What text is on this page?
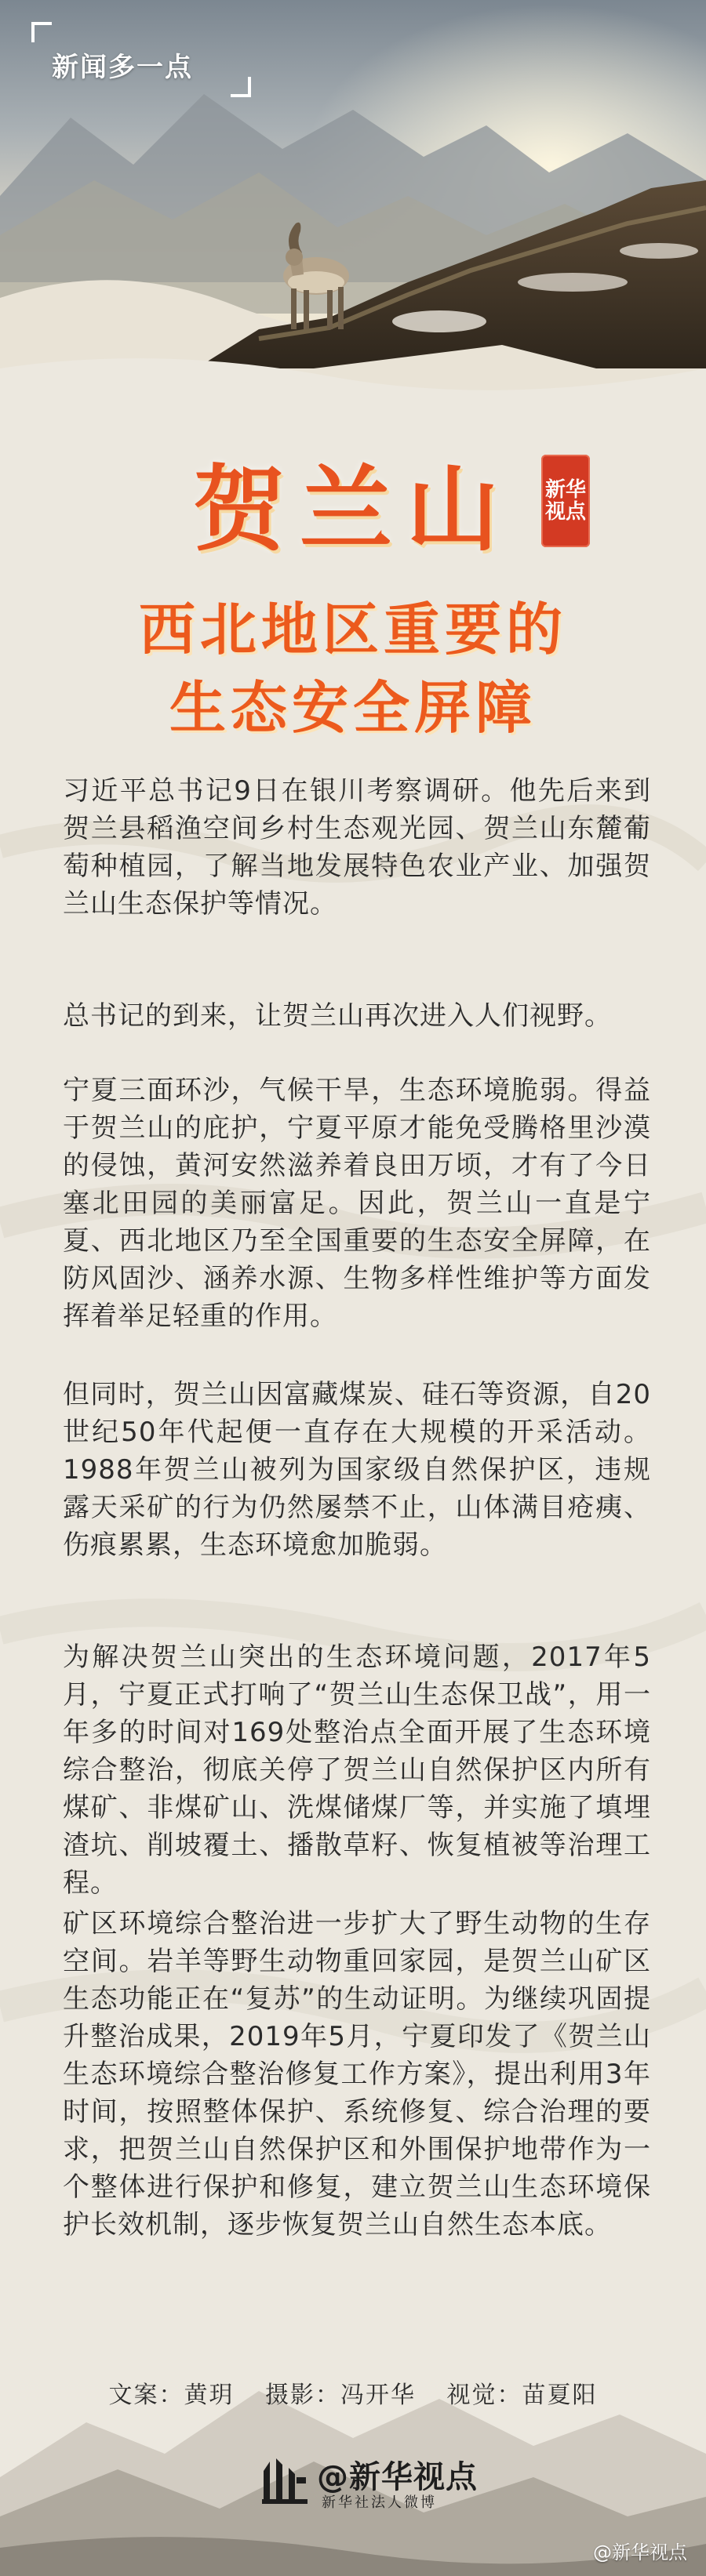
新闻多一点
贺兰山	新华
视点
西北地区重要的
生态安全屏障
习近平总书记9日在银川考察调研。他先后来到贺兰县稻渔空间乡村生态观光园、贺兰山东麓葡萄种植园，了解当地发展特色农业产业、加强贺兰山生态保护等情况。
总书记的到来，让贺兰山再次进入人们视野。
宁夏三面环沙，气候干旱，生态环境脆弱。得益于贺兰山的庇护，宁夏平原才能免受腾格里沙漠的侵蚀，黄河安然滋养着良田万顷，才有了今日塞北田园的美丽富足。因此，贺兰山一直是宁夏、西北地区乃至全国重要的生态安全屏障，在防风固沙、涵养水源、生物多样性维护等方面发挥着举足轻重的作用。
但同时，贺兰山因富藏煤炭、硅石等资源，自20世纪50年代起便一直存在大规模的开采活动。1988年贺兰山被列为国家级自然保护区，违规露天采矿的行为仍然屡禁不止，山体满目疮痍、伤痕累累，生态环境愈加脆弱。
为解决贺兰山突出的生态环境问题，2017年5月，宁夏正式打响了“贺兰山生态保卫战”，用一年多的时间对169处整治点全面开展了生态环境综合整治，彻底关停了贺兰山自然保护区内所有煤矿、非煤矿山、洗煤储煤厂等，并实施了填埋渣坑、削坡覆土、播散草籽、恢复植被等治理工程。
矿区环境综合整治进一步扩大了野生动物的生存空间。岩羊等野生动物重回家园，是贺兰山矿区生态功能正在“复苏”的生动证明。为继续巩固提升整治成果，2019年5月，宁夏印发了《贺兰山生态环境综合整治修复工作方案》，提出利用3年时间，按照整体保护、系统修复、综合治理的要求，把贺兰山自然保护区和外围保护地带作为一个整体进行保护和修复，建立贺兰山生态环境保护长效机制，逐步恢复贺兰山自然生态本底。
文案：黄玥 摄影：冯开华 视觉：苗夏阳
@新华视点
新华社法人微博
@新华视点
